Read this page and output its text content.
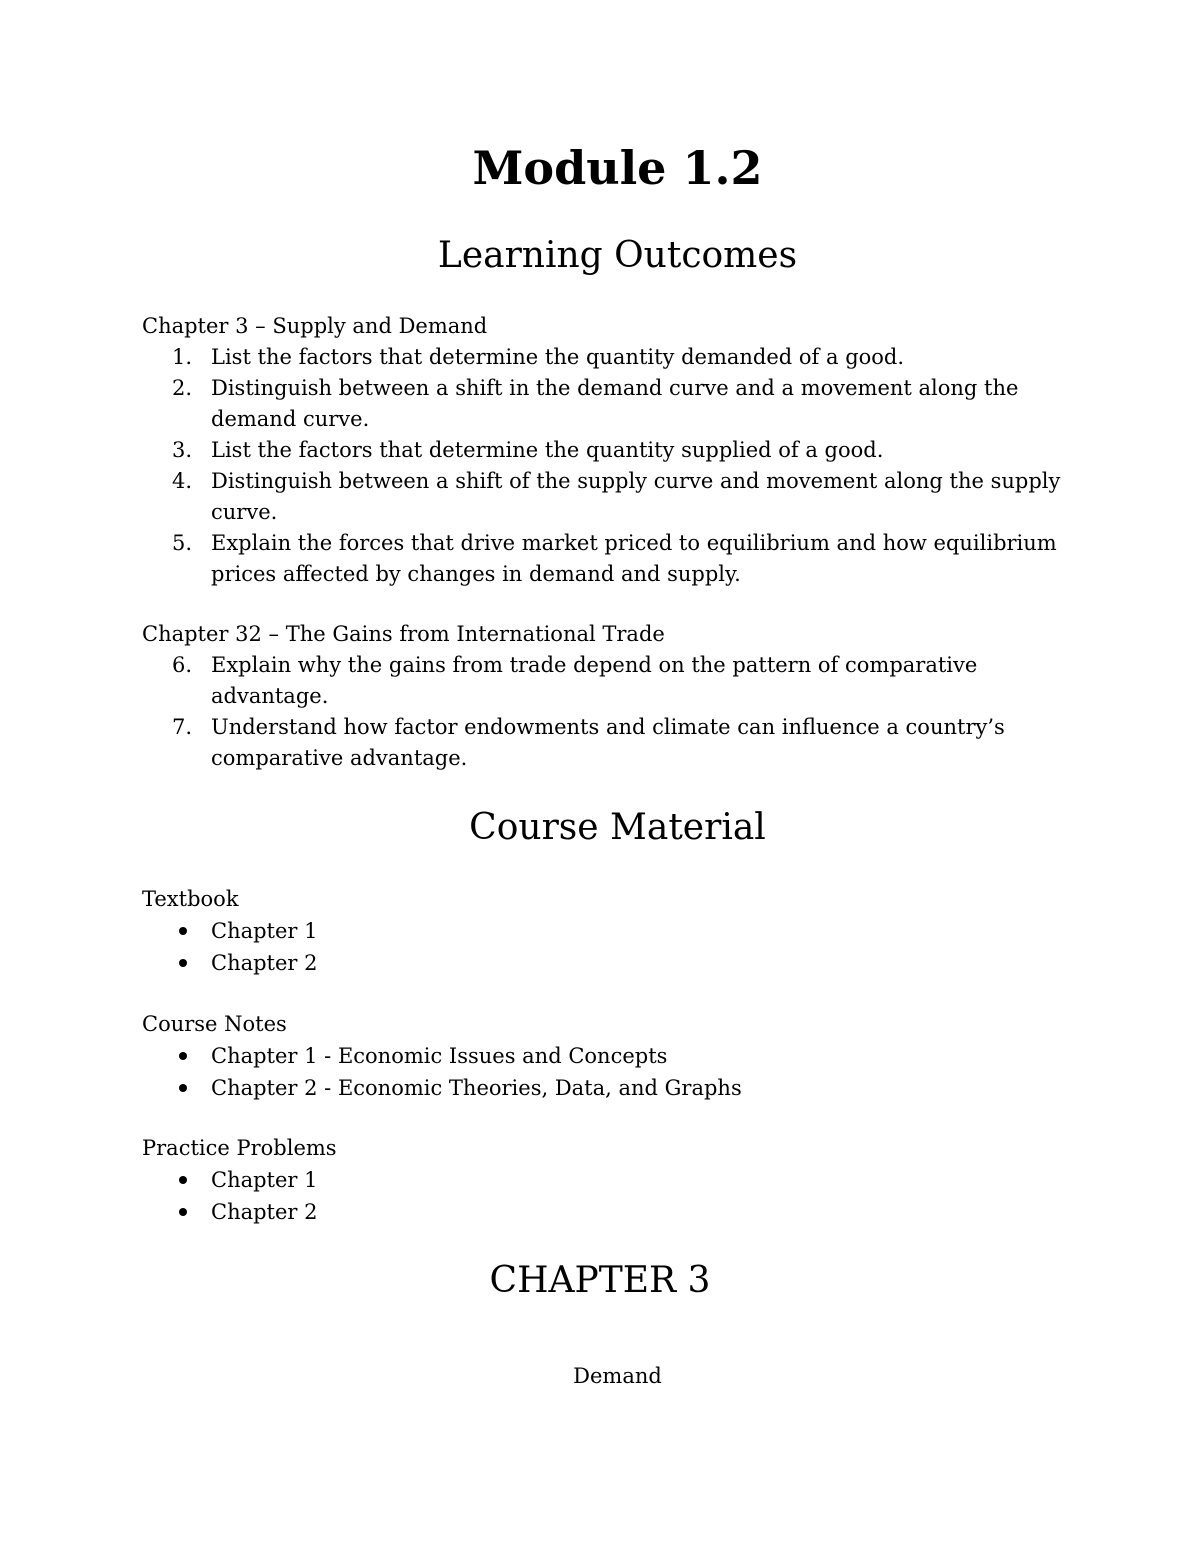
Module 1.2
Learning Outcomes

Chapter 3 – Supply and Demand

1. List the factors that determine the quantity demanded of a good.
2. Distinguish between a shift in the demand curve and a movement along the demand curve.
3. List the factors that determine the quantity supplied of a good.
4. Distinguish between a shift of the supply curve and movement along the supply curve.
5. Explain the forces that drive market priced to equilibrium and how equilibrium prices affected by changes in demand and supply.

Chapter 32 – The Gains from International Trade

6. Explain why the gains from trade depend on the pattern of comparative advantage.
7. Understand how factor endowments and climate can influence a country’s comparative advantage.
Course Material

Textbook

Chapter 1
Chapter 2

Course Notes

Chapter 1 - Economic Issues and Concepts
Chapter 2 - Economic Theories, Data, and Graphs

Practice Problems

Chapter 1
Chapter 2
CHAPTER 3

Demand
